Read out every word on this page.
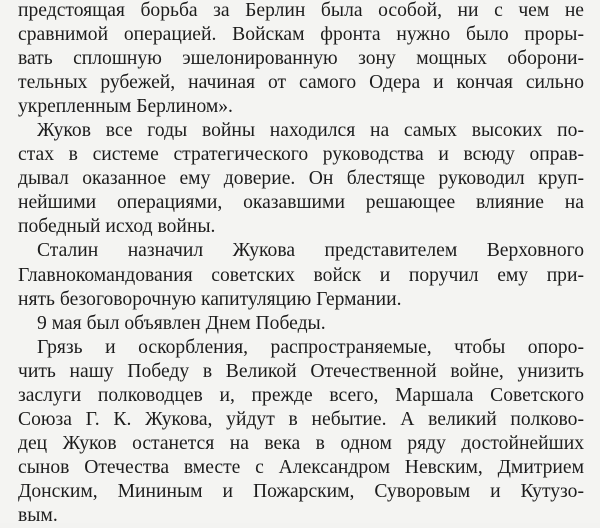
предстоящая борьба за Берлин была особой, ни с чем не
сравнимой операцией. Войскам фронта нужно было проры-
вать сплошную эшелонированную зону мощных оборони-
тельных рубежей, начиная от самого Одера и кончая сильно
укрепленным Берлином».
Жуков все годы войны находился на самых высоких по-
стах в системе стратегического руководства и всюду оправ-
дывал оказанное ему доверие. Он блестяще руководил круп-
нейшими операциями, оказавшими решающее влияние на
победный исход войны.
Сталин назначил Жукова представителем Верховного
Главнокомандования советских войск и поручил ему при-
нять безоговорочную капитуляцию Германии.
9 мая был объявлен Днем Победы.
Грязь и оскорбления, распространяемые, чтобы опоро-
чить нашу Победу в Великой Отечественной войне, унизить
заслуги полководцев и, прежде всего, Маршала Советского
Союза Г. К. Жукова, уйдут в небытие. А великий полково-
дец Жуков останется на века в одном ряду достойнейших
сынов Отечества вместе с Александром Невским, Дмитрием
Донским, Мининым и Пожарским, Суворовым и Кутузо-
вым.
